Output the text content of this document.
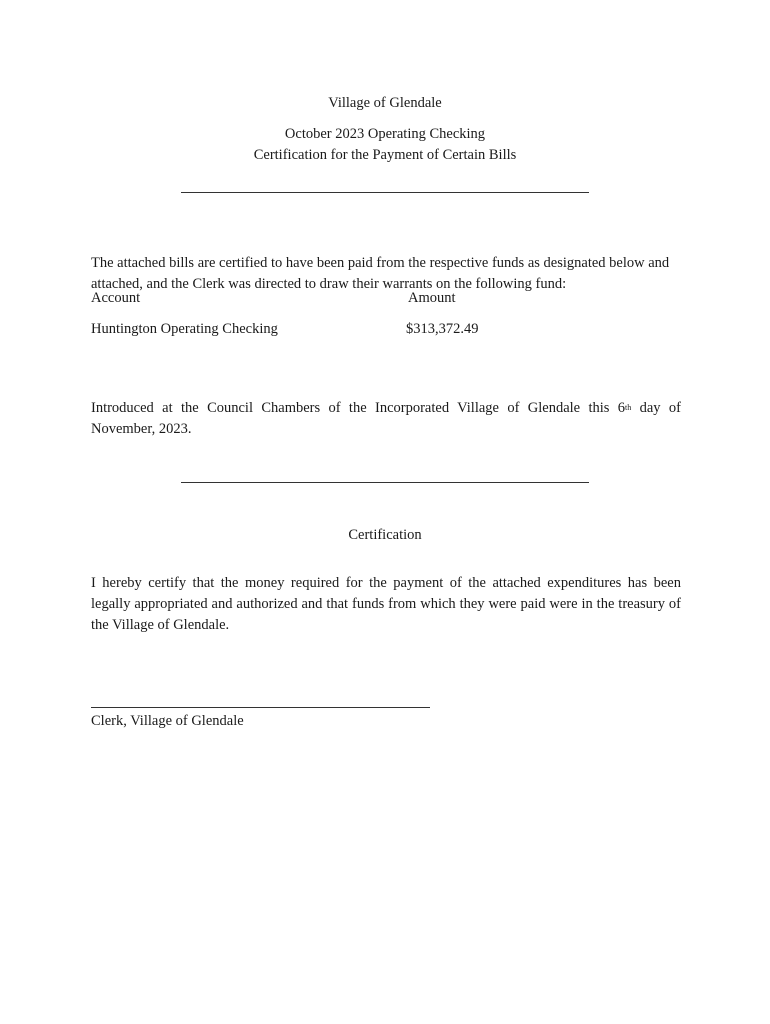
Village of Glendale

October 2023 Operating Checking

Certification for the Payment of Certain Bills

The attached bills are certified to have been paid from the respective funds as designated below and attached, and the Clerk was directed to draw their warrants on the following fund:

Account	Amount

Huntington Operating Checking	$313,372.49

Introduced at the Council Chambers of the Incorporated Village of Glendale this 6th day of November, 2023.

Certification

I hereby certify that the money required for the payment of the attached expenditures has been legally appropriated and authorized and that funds from which they were paid were in the treasury of the Village of Glendale.

Clerk, Village of Glendale
